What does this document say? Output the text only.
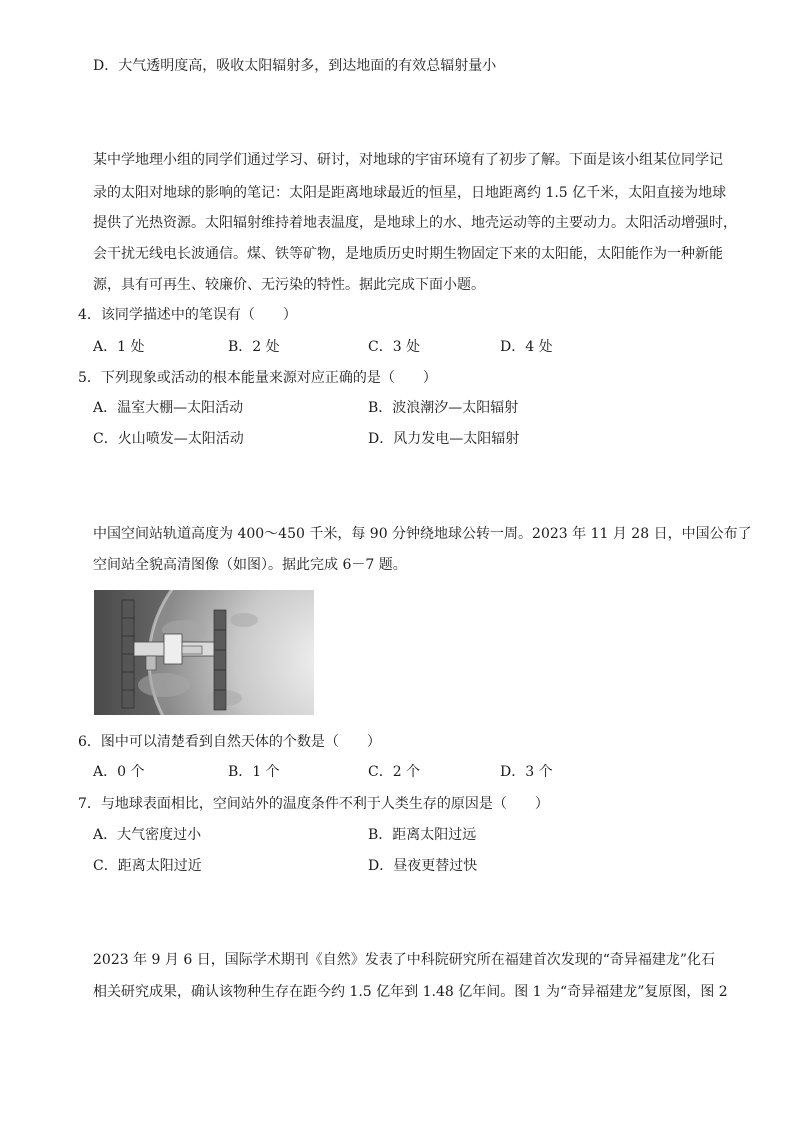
D．大气透明度高，吸收太阳辐射多，到达地面的有效总辐射量小
某中学地理小组的同学们通过学习、研讨，对地球的宇宙环境有了初步了解。下面是该小组某位同学记
录的太阳对地球的影响的笔记：太阳是距离地球最近的恒星，日地距离约 1.5 亿千米，太阳直接为地球
提供了光热资源。太阳辐射维持着地表温度，是地球上的水、地壳运动等的主要动力。太阳活动增强时，
会干扰无线电长波通信。煤、铁等矿物，是地质历史时期生物固定下来的太阳能，太阳能作为一种新能
源，具有可再生、较廉价、无污染的特性。据此完成下面小题。
4．该同学描述中的笔误有（　　）
A．1 处	B．2 处	C．3 处	D．4 处
5．下列现象或活动的根本能量来源对应正确的是（　　）
A．温室大棚—太阳活动	B．波浪潮汐—太阳辐射
C．火山喷发—太阳活动	D．风力发电—太阳辐射
中国空间站轨道高度为 400～450 千米，每 90 分钟绕地球公转一周。2023 年 11 月 28 日，中国公布了
空间站全貌高清图像（如图）。据此完成 6－7 题。
6．图中可以清楚看到自然天体的个数是（　　）
A．0 个	B．1 个	C．2 个	D．3 个
7．与地球表面相比，空间站外的温度条件不利于人类生存的原因是（　　）
A．大气密度过小	B．距离太阳过远
C．距离太阳过近	D．昼夜更替过快
2023 年 9 月 6 日，国际学术期刊《自然》发表了中科院研究所在福建首次发现的“奇异福建龙”化石
相关研究成果，确认该物种生存在距今约 1.5 亿年到 1.48 亿年间。图 1 为“奇异福建龙”复原图，图 2
